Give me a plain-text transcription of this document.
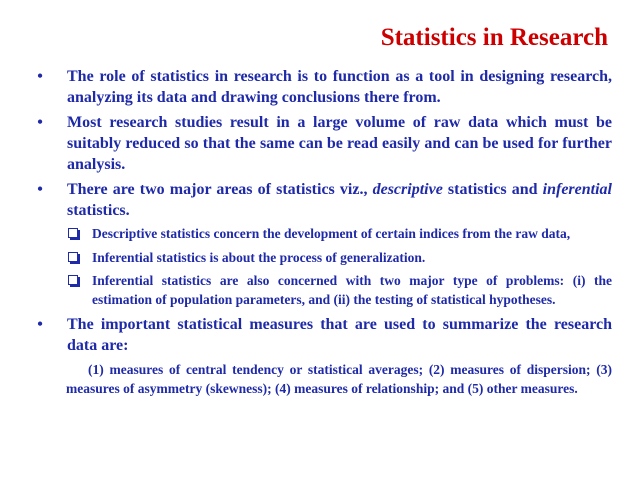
Statistics in Research
•	The role of statistics in research is to function as a tool in designing research, analyzing its data and drawing conclusions there from.
•	Most research studies result in a large volume of raw data which must be suitably reduced so that the same can be read easily and can be used for further analysis.
•	There are two major areas of statistics viz., descriptive statistics and inferential statistics.
Descriptive statistics concern the development of certain indices from the raw data,
Inferential statistics is about the process of generalization.
Inferential statistics are also concerned with two major type of problems: (i) the estimation of population parameters, and (ii) the testing of statistical hypotheses.
•	The important statistical measures that are used to summarize the research data are:
(1) measures of central tendency or statistical averages; (2) measures of dispersion; (3) measures of asymmetry (skewness); (4) measures of relationship; and (5) other measures.
